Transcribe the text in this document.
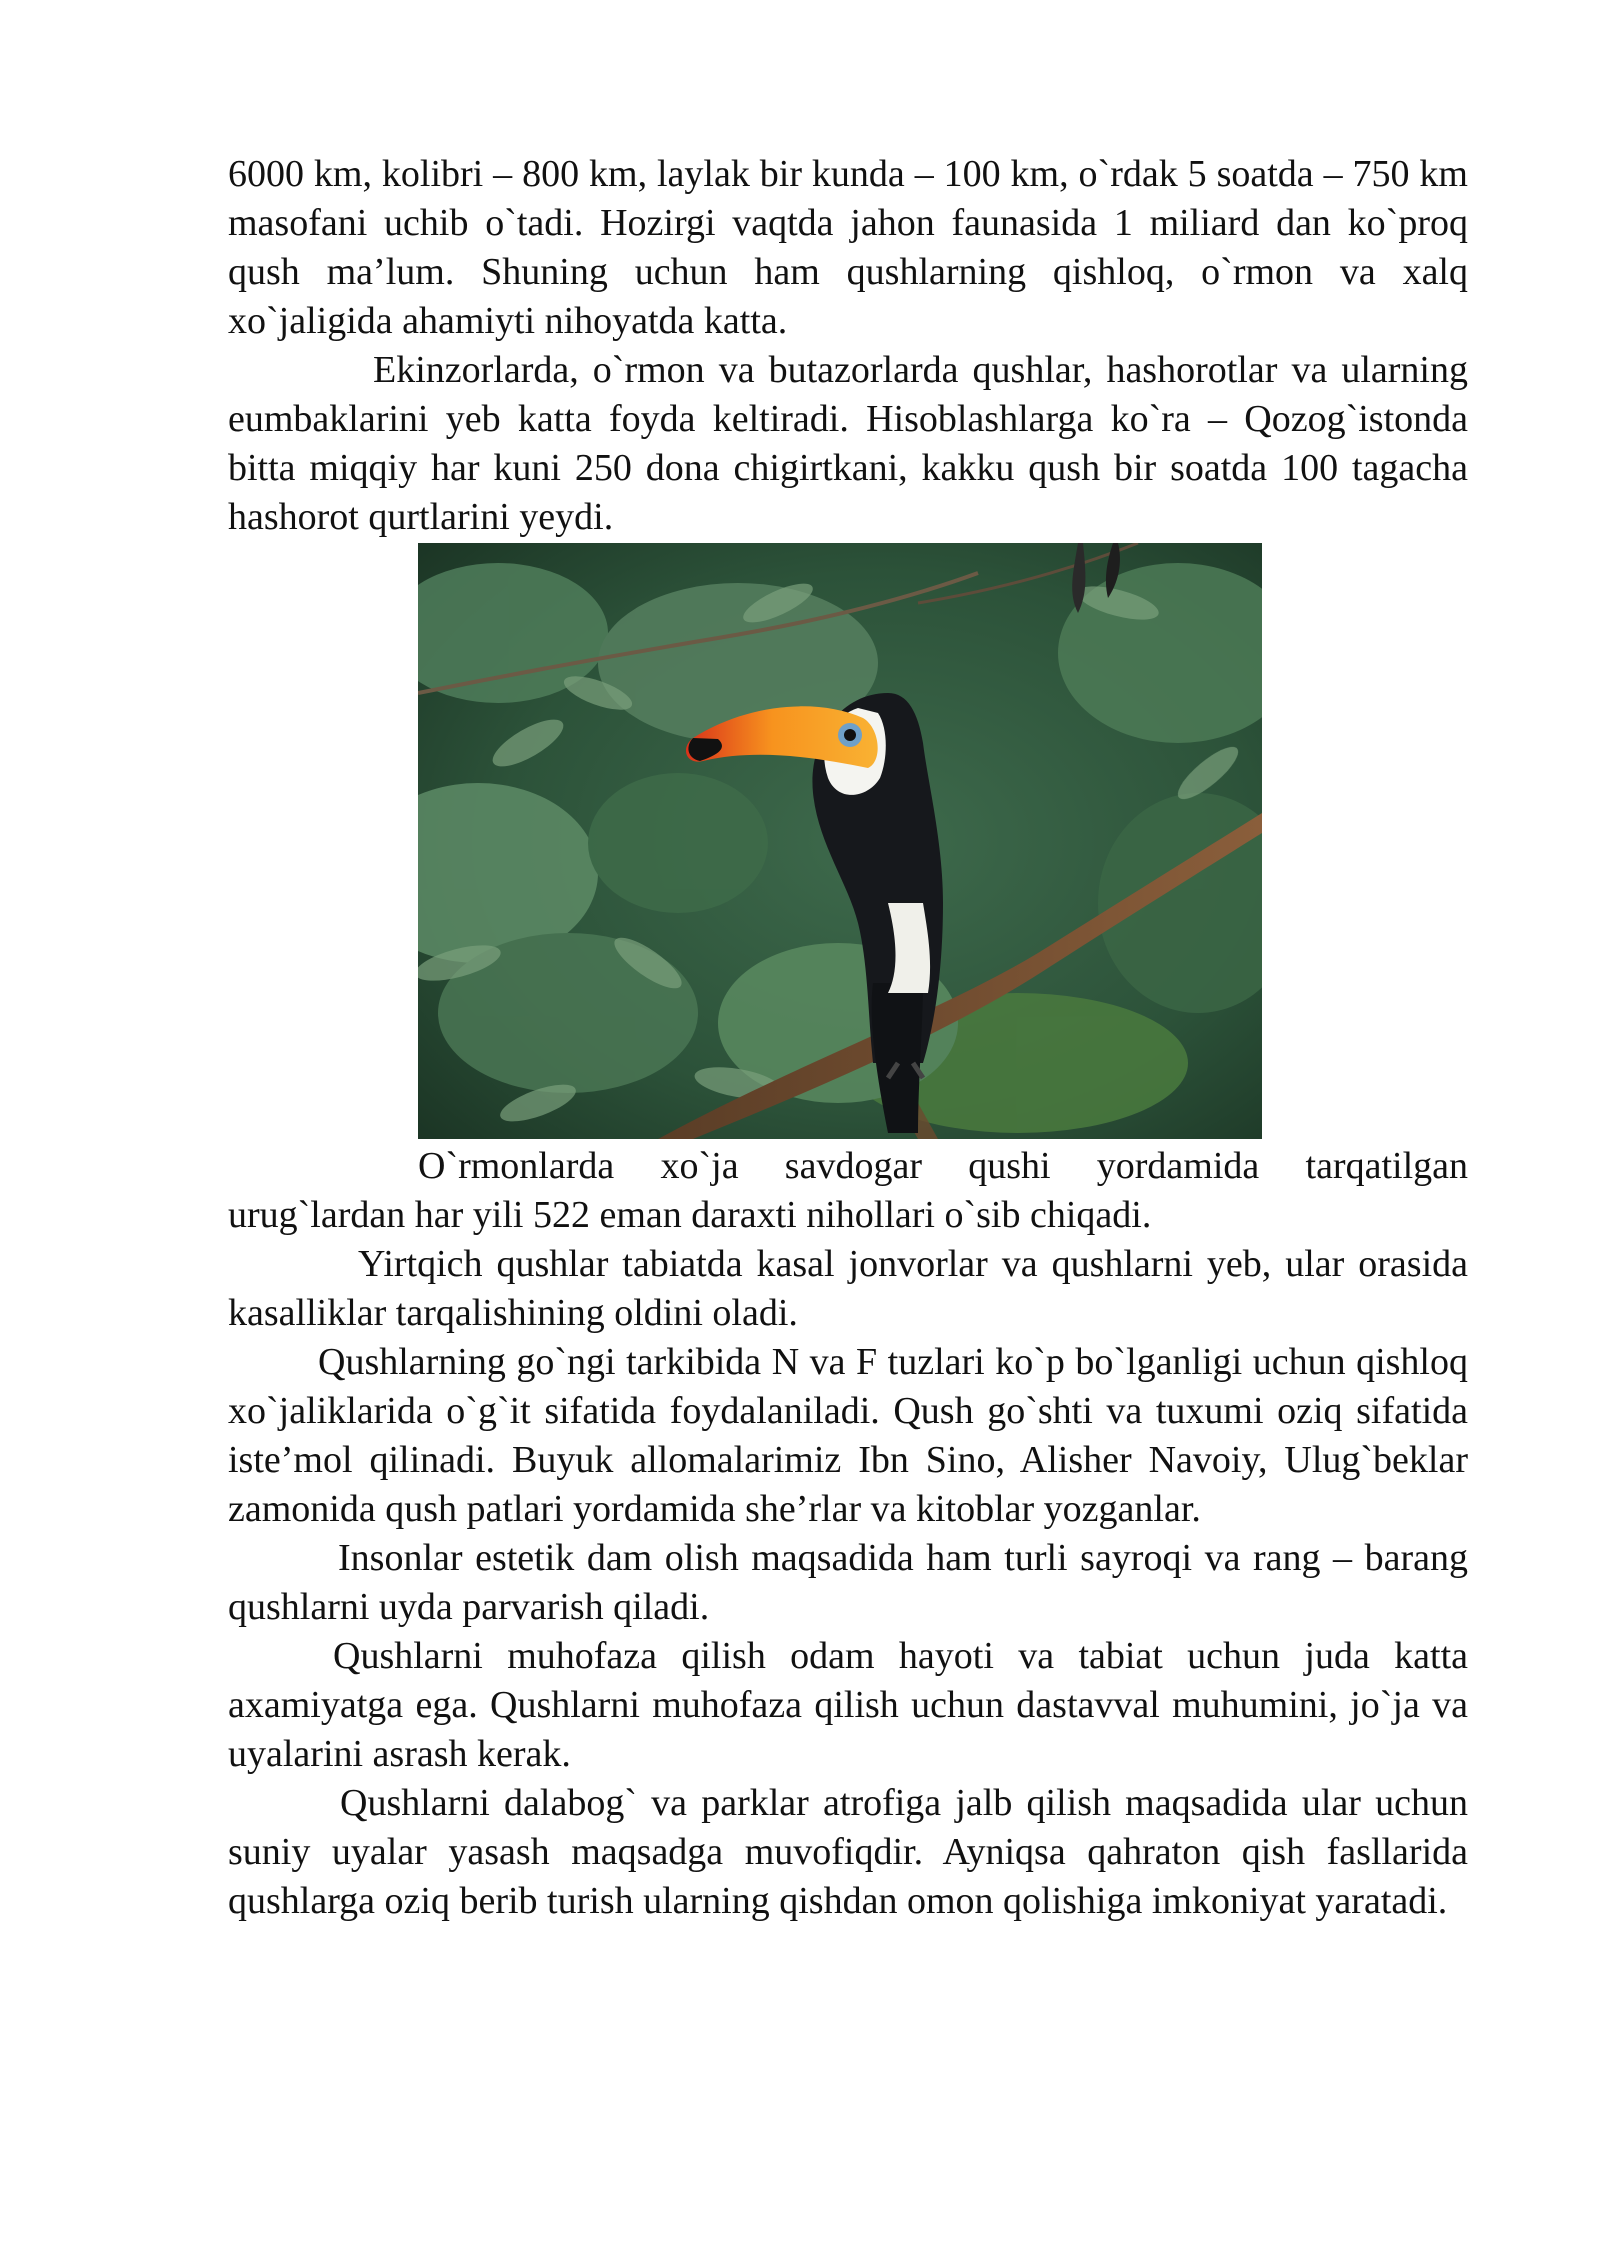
6000 km, kolibri – 800 km, laylak bir kunda – 100 km, o`rdak 5 soatda – 750 km masofani uchib o`tadi. Hozirgi vaqtda jahon faunasida 1 miliard dan ko`proq qush ma’lum. Shuning uchun ham qushlarning qishloq, o`rmon va xalq xo`jaligida ahamiyti nihoyatda katta.

Ekinzorlarda, o`rmon va butazorlarda qushlar, hashorotlar va ularning eumbaklarini yeb katta foyda keltiradi. Hisoblashlarga ko`ra – Qozog`istonda bitta miqqiy har kuni 250 dona chigirtkani, kakku qush bir soatda 100 tagacha hashorot qurtlarini yeydi.

O`rmonlarda xo`ja savdogar qushi yordamida tarqatilgan urug`lardan har yili 522 eman daraxti nihollari o`sib chiqadi.

Yirtqich qushlar tabiatda kasal jonvorlar va qushlarni yeb, ular orasida kasalliklar tarqalishining oldini oladi.

Qushlarning go`ngi tarkibida N va F tuzlari ko`p bo`lganligi uchun qishloq xo`jaliklarida o`g`it sifatida foydalaniladi. Qush go`shti va tuxumi oziq sifatida iste’mol qilinadi. Buyuk allomalarimiz Ibn Sino, Alisher Navoiy, Ulug`beklar zamonida qush patlari yordamida she’rlar va kitoblar yozganlar.

Insonlar estetik dam olish maqsadida ham turli sayroqi va rang – barang qushlarni uyda parvarish qiladi.

Qushlarni muhofaza qilish odam hayoti va tabiat uchun juda katta axamiyatga ega. Qushlarni muhofaza qilish uchun dastavval muhumini, jo`ja va uyalarini asrash kerak.

Qushlarni dalabog` va parklar atrofiga jalb qilish maqsadida ular uchun suniy uyalar yasash maqsadga muvofiqdir. Ayniqsa qahraton qish fasllarida qushlarga oziq berib turish ularning qishdan omon qolishiga imkoniyat yaratadi.
